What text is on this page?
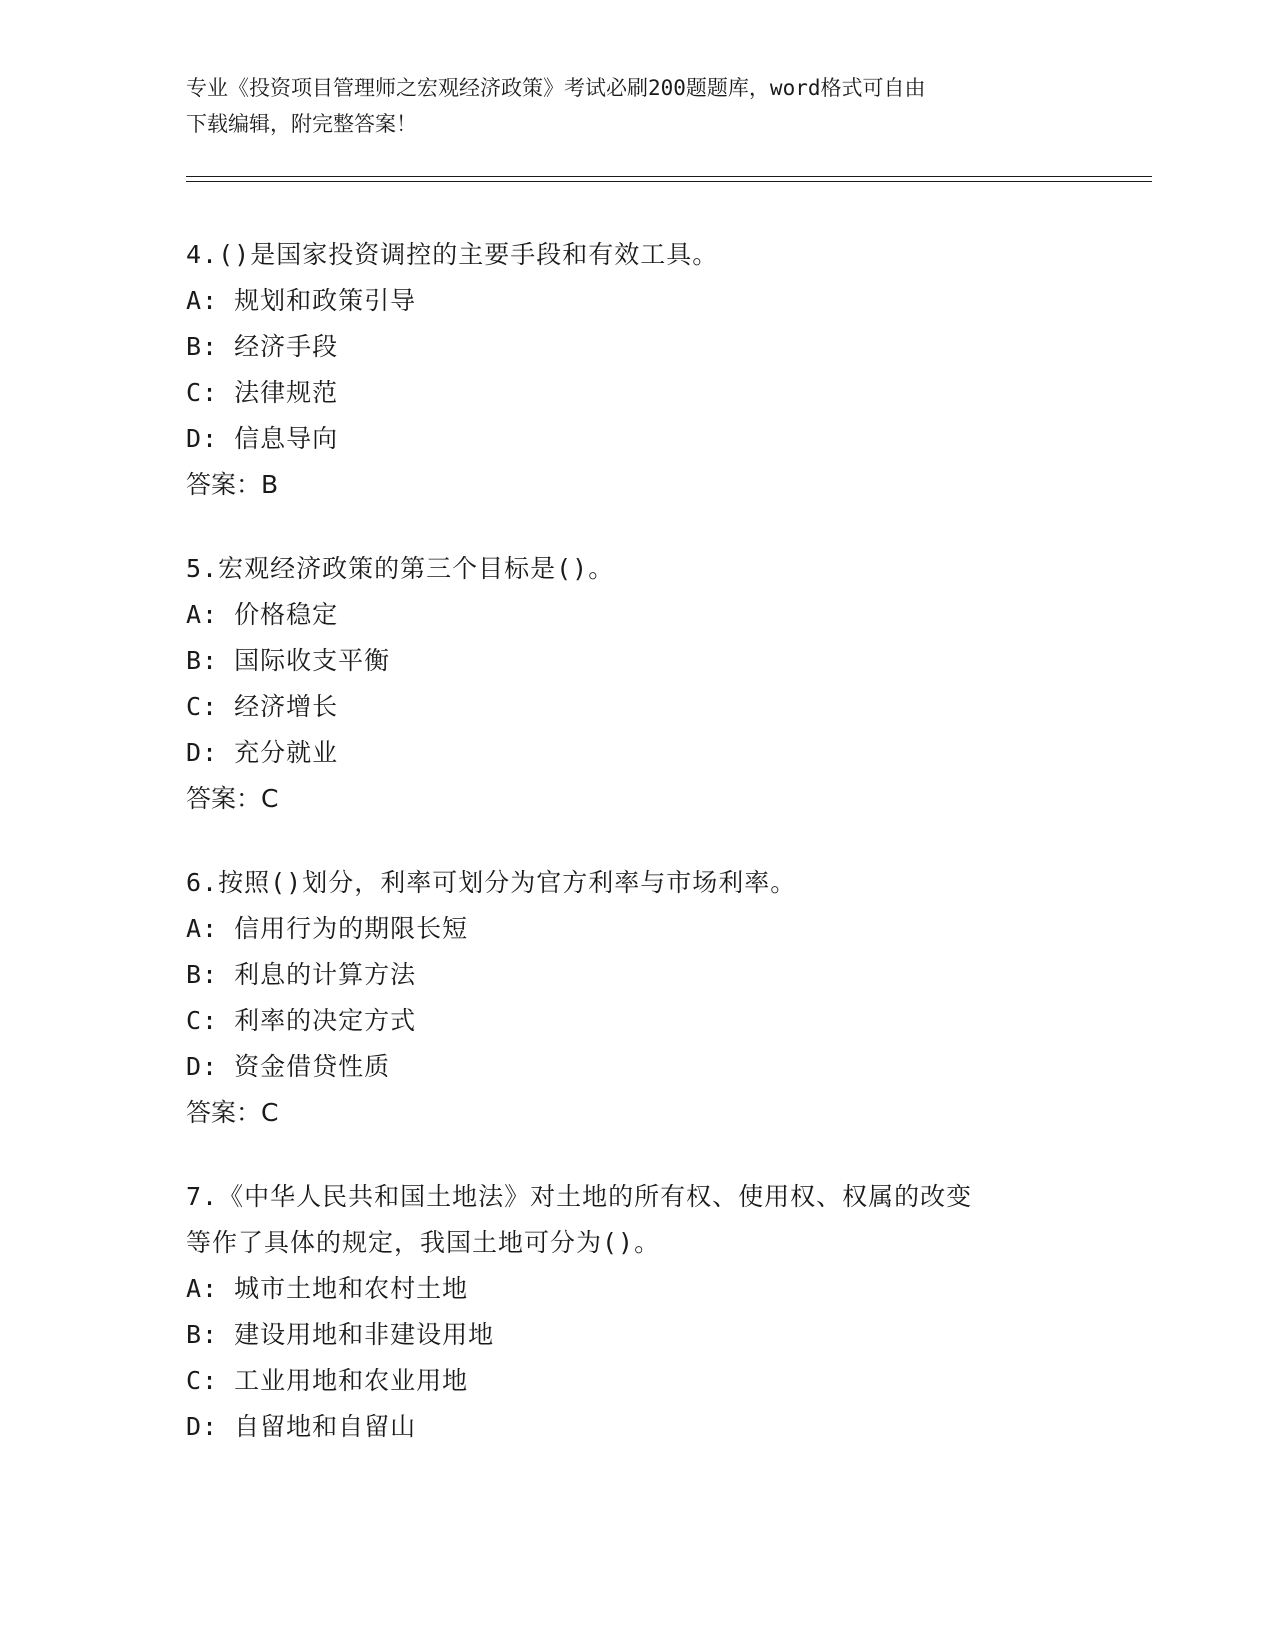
专业《投资项目管理师之宏观经济政策》考试必刷200题题库，word格式可自由
下载编辑，附完整答案！

4.()是国家投资调控的主要手段和有效工具。

A: 规划和政策引导

B: 经济手段

C: 法律规范

D: 信息导向

答案：B

5.宏观经济政策的第三个目标是()。

A: 价格稳定

B: 国际收支平衡

C: 经济增长

D: 充分就业

答案：C

6.按照()划分，利率可划分为官方利率与市场利率。

A: 信用行为的期限长短

B: 利息的计算方法

C: 利率的决定方式

D: 资金借贷性质

答案：C

7.《中华人民共和国土地法》对土地的所有权、使用权、权属的改变

等作了具体的规定，我国土地可分为()。

A: 城市土地和农村土地

B: 建设用地和非建设用地

C: 工业用地和农业用地

D: 自留地和自留山
